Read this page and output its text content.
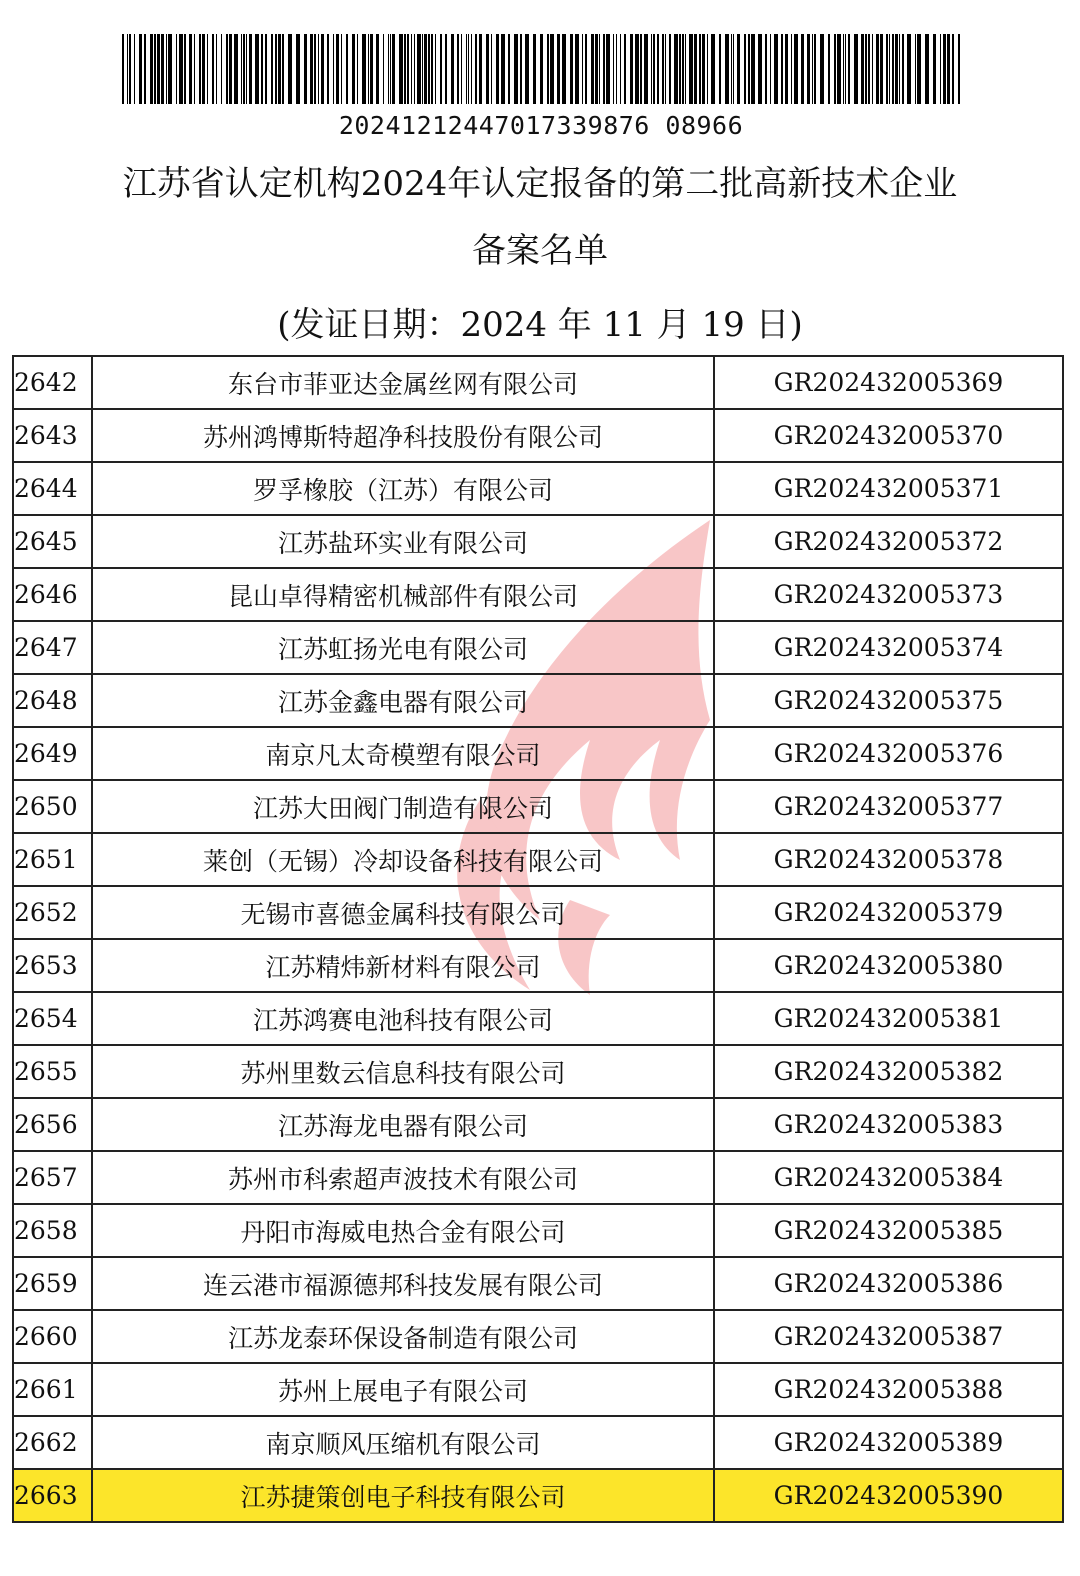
20241212447017339876 08966
江苏省认定机构2024年认定报备的第二批高新技术企业
备案名单
(发证日期：2024 年 11 月 19 日)
2642	东台市菲亚达金属丝网有限公司	GR202432005369
2643	苏州鸿博斯特超净科技股份有限公司	GR202432005370
2644	罗孚橡胶（江苏）有限公司	GR202432005371
2645	江苏盐环实业有限公司	GR202432005372
2646	昆山卓得精密机械部件有限公司	GR202432005373
2647	江苏虹扬光电有限公司	GR202432005374
2648	江苏金鑫电器有限公司	GR202432005375
2649	南京凡太奇模塑有限公司	GR202432005376
2650	江苏大田阀门制造有限公司	GR202432005377
2651	莱创（无锡）冷却设备科技有限公司	GR202432005378
2652	无锡市喜德金属科技有限公司	GR202432005379
2653	江苏精炜新材料有限公司	GR202432005380
2654	江苏鸿赛电池科技有限公司	GR202432005381
2655	苏州里数云信息科技有限公司	GR202432005382
2656	江苏海龙电器有限公司	GR202432005383
2657	苏州市科索超声波技术有限公司	GR202432005384
2658	丹阳市海威电热合金有限公司	GR202432005385
2659	连云港市福源德邦科技发展有限公司	GR202432005386
2660	江苏龙泰环保设备制造有限公司	GR202432005387
2661	苏州上展电子有限公司	GR202432005388
2662	南京顺风压缩机有限公司	GR202432005389
2663	江苏捷策创电子科技有限公司	GR202432005390
